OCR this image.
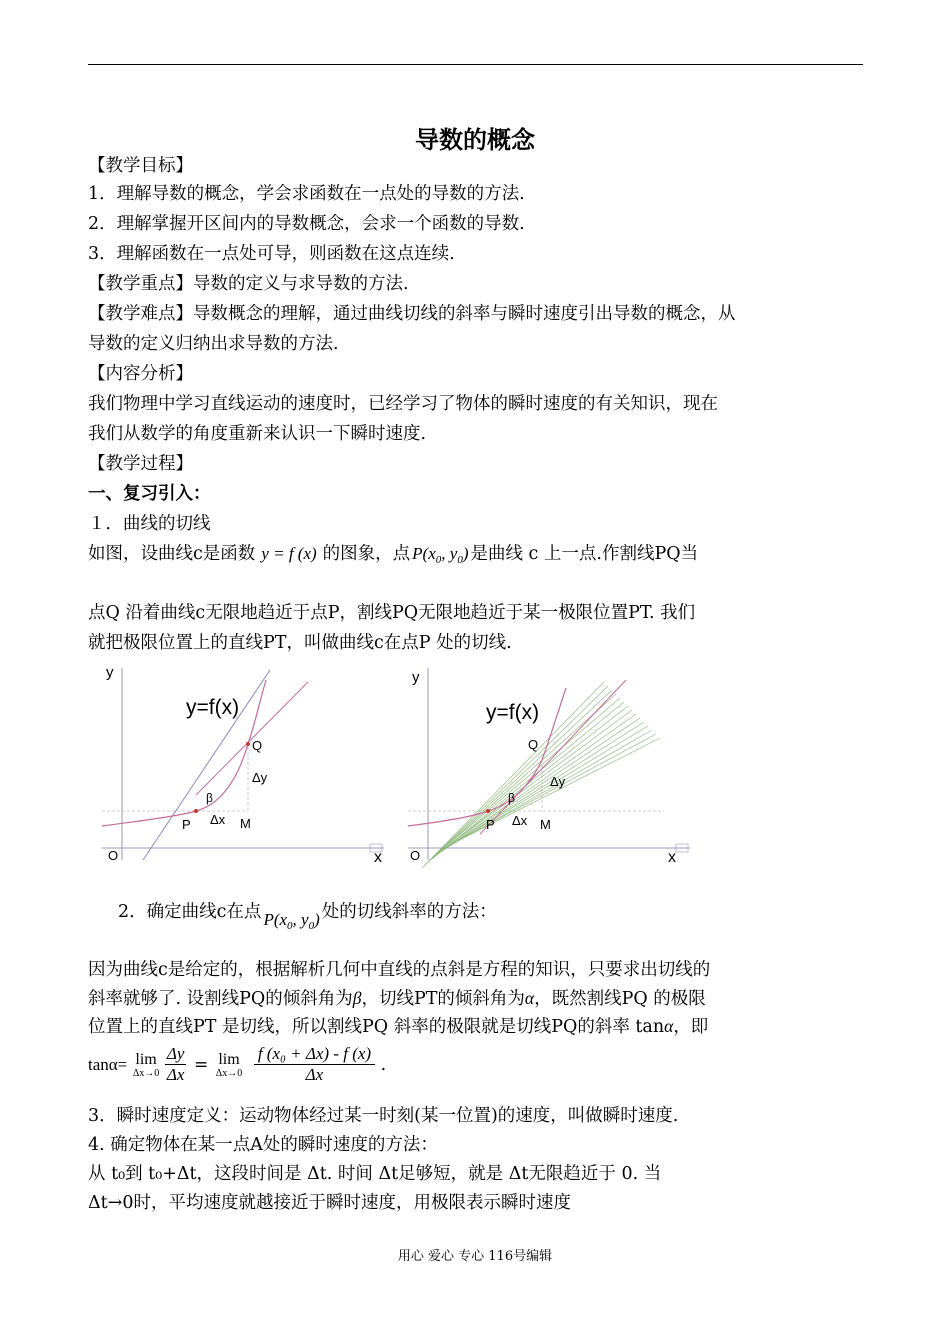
导数的概念
【教学目标】
1．理解导数的概念，学会求函数在一点处的导数的方法.
2．理解掌握开区间内的导数概念，会求一个函数的导数.
3．理解函数在一点处可导，则函数在这点连续.
【教学重点】导数的定义与求导数的方法.
【教学难点】导数概念的理解，通过曲线切线的斜率与瞬时速度引出导数的概念，从
导数的定义归纳出求导数的方法.
【内容分析】
我们物理中学习直线运动的速度时，已经学习了物体的瞬时速度的有关知识，现在
我们从数学的角度重新来认识一下瞬时速度.
【教学过程】
一、复习引入：
１．曲线的切线
如图，设曲线c是函数 y = f (x) 的图象，点 $P(x_0$, $y_0$) 是曲线 c 上一点.作割线PQ当
点Q 沿着曲线c无限地趋近于点P，割线PQ无限地趋近于某一极限位置PT. 我们
就把极限位置上的直线PT，叫做曲线c在点P 处的切线.
y
x
O
y=f(x)
P
Q
M
Δx
Δy
β
y
x
O
y=f(x)
P
Q
M
Δx
Δy
β
2．确定曲线c在点 $P(x_0$, $y_0$) 处的切线斜率的方法：
因为曲线c是给定的，根据解析几何中直线的点斜是方程的知识，只要求出切线的
斜率就够了. 设割线PQ的倾斜角为β，切线PT的倾斜角为α，既然割线PQ 的极限
位置上的直线PT 是切线，所以割线PQ 斜率的极限就是切线PQ的斜率 tanα，即
tanα= lim
Δx→0
$\frac{\Delta y}{\Delta x} = \lim$
Δx→0
$\frac{\text{f (x₀ + Δx) - f (x)}}{\Delta x}$ .
3．瞬时速度定义：运动物体经过某一时刻(某一位置)的速度，叫做瞬时速度.
4. 确定物体在某一点A处的瞬时速度的方法：
从 t₀到 t₀+Δt，这段时间是 Δt. 时间 Δt足够短，就是 Δt无限趋近于 0. 当
Δt→0时，平均速度就越接近于瞬时速度，用极限表示瞬时速度
用心 爱心 专心 116号编辑
